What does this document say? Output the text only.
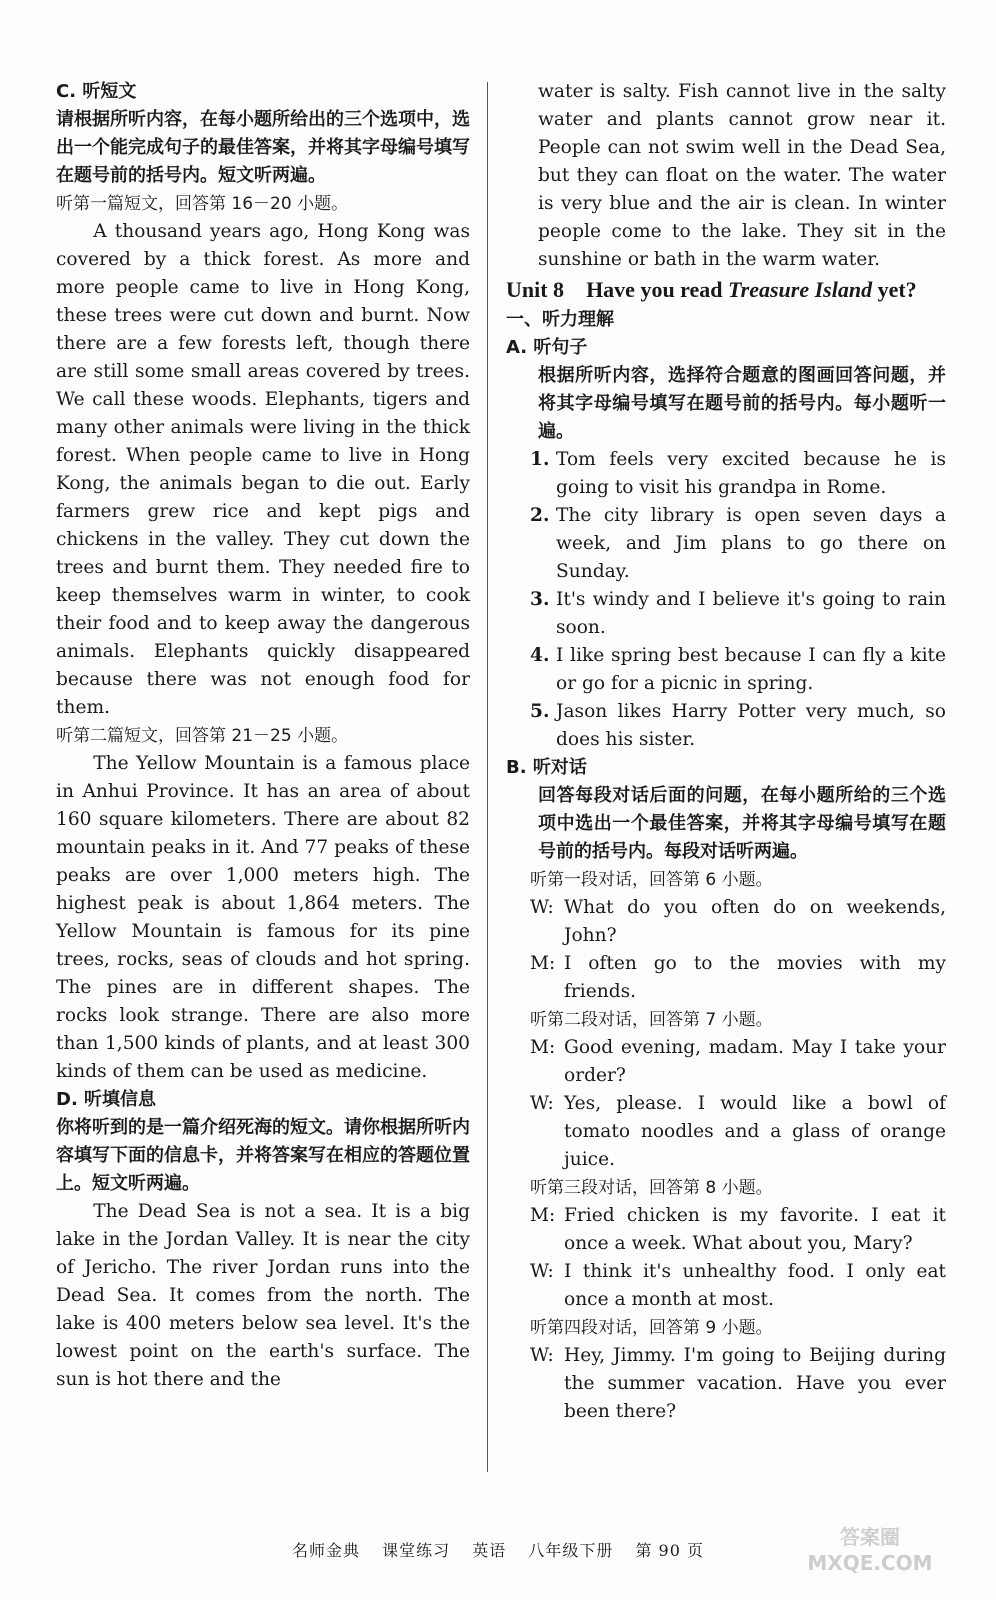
C. 听短文

请根据所听内容，在每小题所给出的三个选项中，选出一个能完成句子的最佳答案，并将其字母编号填写在题号前的括号内。短文听两遍。

听第一篇短文，回答第 16－20 小题。

A thousand years ago, Hong Kong was covered by a thick forest. As more and more people came to live in Hong Kong, these trees were cut down and burnt. Now there are a few forests left, though there are still some small areas covered by trees. We call these woods. Elephants, tigers and many other animals were living in the thick forest. When people came to live in Hong Kong, the animals began to die out. Early farmers grew rice and kept pigs and chickens in the valley. They cut down the trees and burnt them. They needed fire to keep themselves warm in winter, to cook their food and to keep away the dangerous animals. Elephants quickly disappeared because there was not enough food for them.

听第二篇短文，回答第 21－25 小题。

The Yellow Mountain is a famous place in Anhui Province. It has an area of about 160 square kilometers. There are about 82 mountain peaks in it. And 77 peaks of these peaks are over 1,000 meters high. The highest peak is about 1,864 meters. The Yellow Mountain is famous for its pine trees, rocks, seas of clouds and hot spring. The pines are in different shapes. The rocks look strange. There are also more than 1,500 kinds of plants, and at least 300 kinds of them can be used as medicine.

D. 听填信息

你将听到的是一篇介绍死海的短文。请你根据所听内容填写下面的信息卡，并将答案写在相应的答题位置上。短文听两遍。

The Dead Sea is not a sea. It is a big lake in the Jordan Valley. It is near the city of Jericho. The river Jordan runs into the Dead Sea. It comes from the north. The lake is 400 meters below sea level. It's the lowest point on the earth's surface. The sun is hot there and the

water is salty. Fish cannot live in the salty water and plants cannot grow near it. People can not swim well in the Dead Sea, but they can float on the water. The water is very blue and the air is clean. In winter people come to the lake. They sit in the sunshine or bath in the warm water.

Unit 8 Have you read Treasure Island yet?

一、听力理解

A. 听句子

根据所听内容，选择符合题意的图画回答问题，并将其字母编号填写在题号前的括号内。每小题听一遍。

1. Tom feels very excited because he is going to visit his grandpa in Rome.
2. The city library is open seven days a week, and Jim plans to go there on Sunday.
3. It's windy and I believe it's going to rain soon.
4. I like spring best because I can fly a kite or go for a picnic in spring.
5. Jason likes Harry Potter very much, so does his sister.

B. 听对话

回答每段对话后面的问题，在每小题所给的三个选项中选出一个最佳答案，并将其字母编号填写在题号前的括号内。每段对话听两遍。

听第一段对话，回答第 6 小题。

W: What do you often do on weekends, John?
M: I often go to the movies with my friends.

听第二段对话，回答第 7 小题。

M: Good evening, madam. May I take your order?
W: Yes, please. I would like a bowl of tomato noodles and a glass of orange juice.

听第三段对话，回答第 8 小题。

M: Fried chicken is my favorite. I eat it once a week. What about you, Mary?
W: I think it's unhealthy food. I only eat once a month at most.

听第四段对话，回答第 9 小题。

W: Hey, Jimmy. I'm going to Beijing during the summer vacation. Have you ever been there?
名师金典 课堂练习 英语 八年级下册 第 90 页
答案圈
MXQE.COM
